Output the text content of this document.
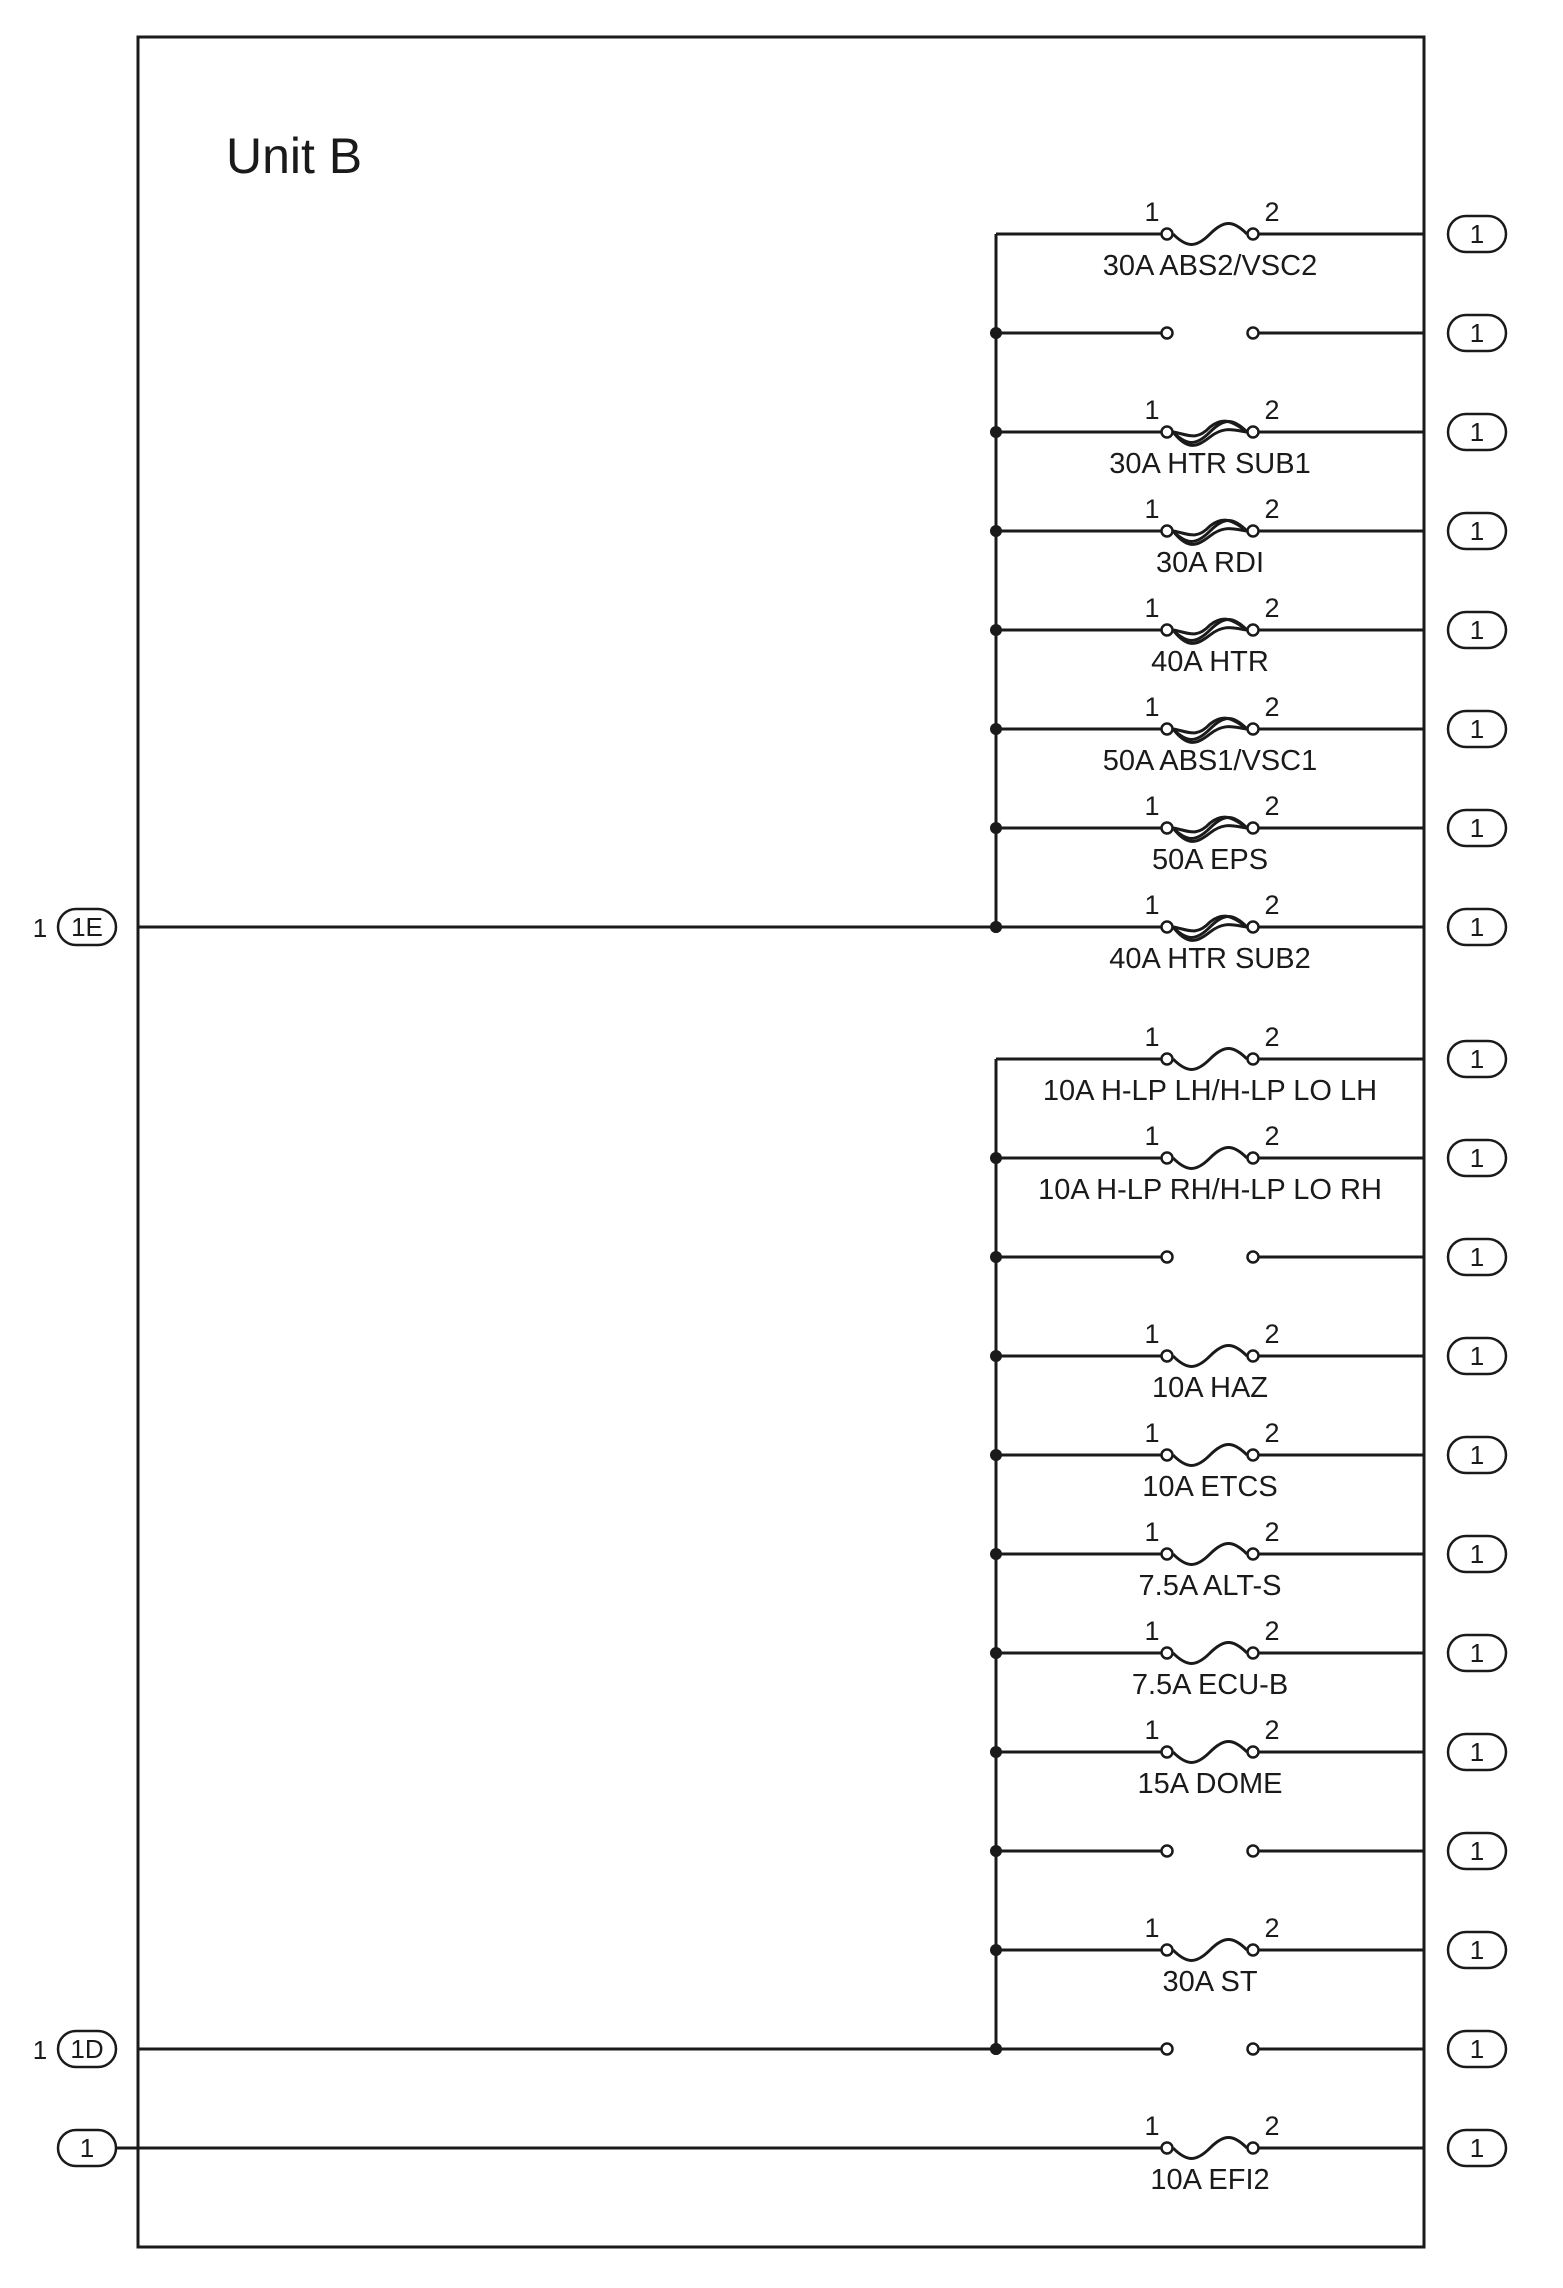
Unit B
1	2
30A ABS2/VSC2
1
1
1	2
30A HTR SUB1
1
1	2
30A RDI
1
1	2
40A HTR
1
1	2
50A ABS1/VSC1
1
1	2
50A EPS
1
1	2
40A HTR SUB2
1
1	2
10A H-LP LH/H-LP LO LH
1
1	2
10A H-LP RH/H-LP LO RH
1
1
1	2
10A HAZ
1
1	2
10A ETCS
1
1	2
7.5A ALT-S
1
1	2
7.5A ECU-B
1
1	2
15A DOME
1
1
1	2
30A ST
1
1
1	2
10A EFI2
1
1 1E
1 1D
1
